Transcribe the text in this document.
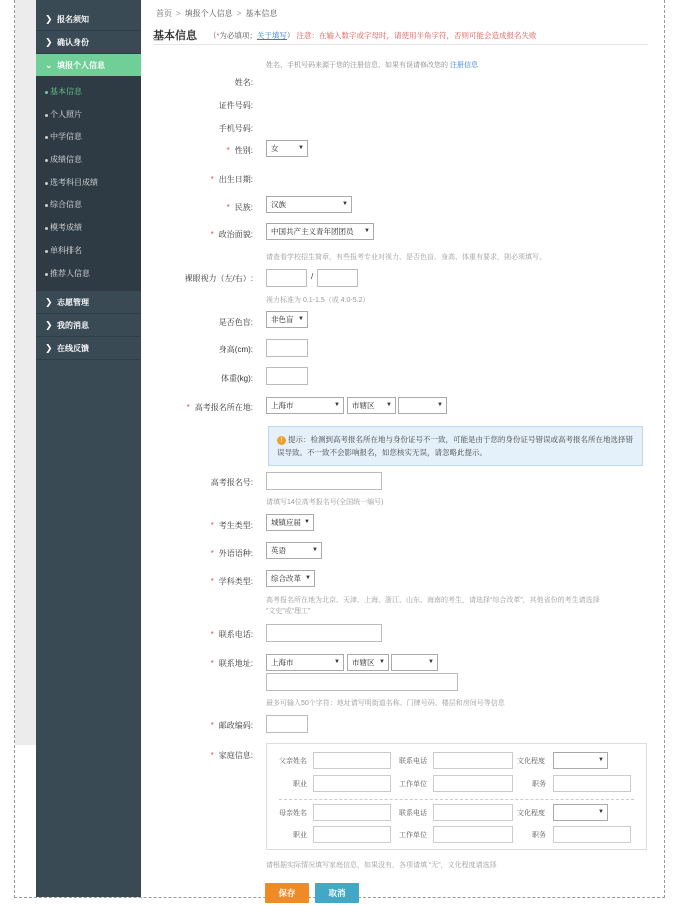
❯ 报名须知
❯ 确认身份
⌄ 填报个人信息
基本信息
个人照片
中学信息
成绩信息
选考科目成绩
综合信息
模考成绩
单科排名
推荐人信息
❯ 志愿管理
❯ 我的消息
❯ 在线反馈
首页 > 填报个人信息 > 基本信息
基本信息 （*为必填项；关于填写） 注意：在输入数字或字母时，请使用半角字符，否则可能会造成报名失败
姓名、手机号码来源于您的注册信息，如果有误请修改您的 注册信息
姓名:
证件号码:
手机号码:
* 性别:	女 ▼
* 出生日期:
* 民族:	汉族 ▼
* 政治面貌:	中国共产主义青年团团员 ▼
请查看学校招生简章，有些报考专业对视力、是否色盲、身高、体重有要求，則必须填写。
裸眼视力（左/右）:	/
视力标准为 0.1-1.5（或 4.0-5.2）
是否色盲:	非色盲 ▼
身高(cm):
体重(kg):
* 高考报名所在地:	上海市 ▼	市辖区 ▼
▼
! 提示：检测到高考报名所在地与身份证号不一致，可能是由于您的身份证号错误或高考报名所在地选择错误导致。不一致不会影响报名，如您核实无误，请忽略此提示。
高考报名号:
请填写14位高考报名号(全国统一编号)
* 考生类型:	城镇应届 ▼
* 外语语种:	英语 ▼
* 学科类型:	综合改革 ▼
高考报名所在地为北京、天津、上海、浙江、山东、海南的考生，请选择“综合改革”，其他省份的考生请选择
“文史”或“理工”
* 联系电话:
* 联系地址:	上海市 ▼	市辖区 ▼
▼
最多可输入50个字符：地址请写明街道名称、门牌号码、楼层和房间号等信息
* 邮政编码:
* 家庭信息:
父亲姓名	联系电话	文化程度
▼
职业	工作单位	职务
母亲姓名	联系电话	文化程度
▼
职业	工作单位	职务
请根据实际情况填写家庭信息，如果没有，各项请填 “无”，文化程度请选择
保存	取消
